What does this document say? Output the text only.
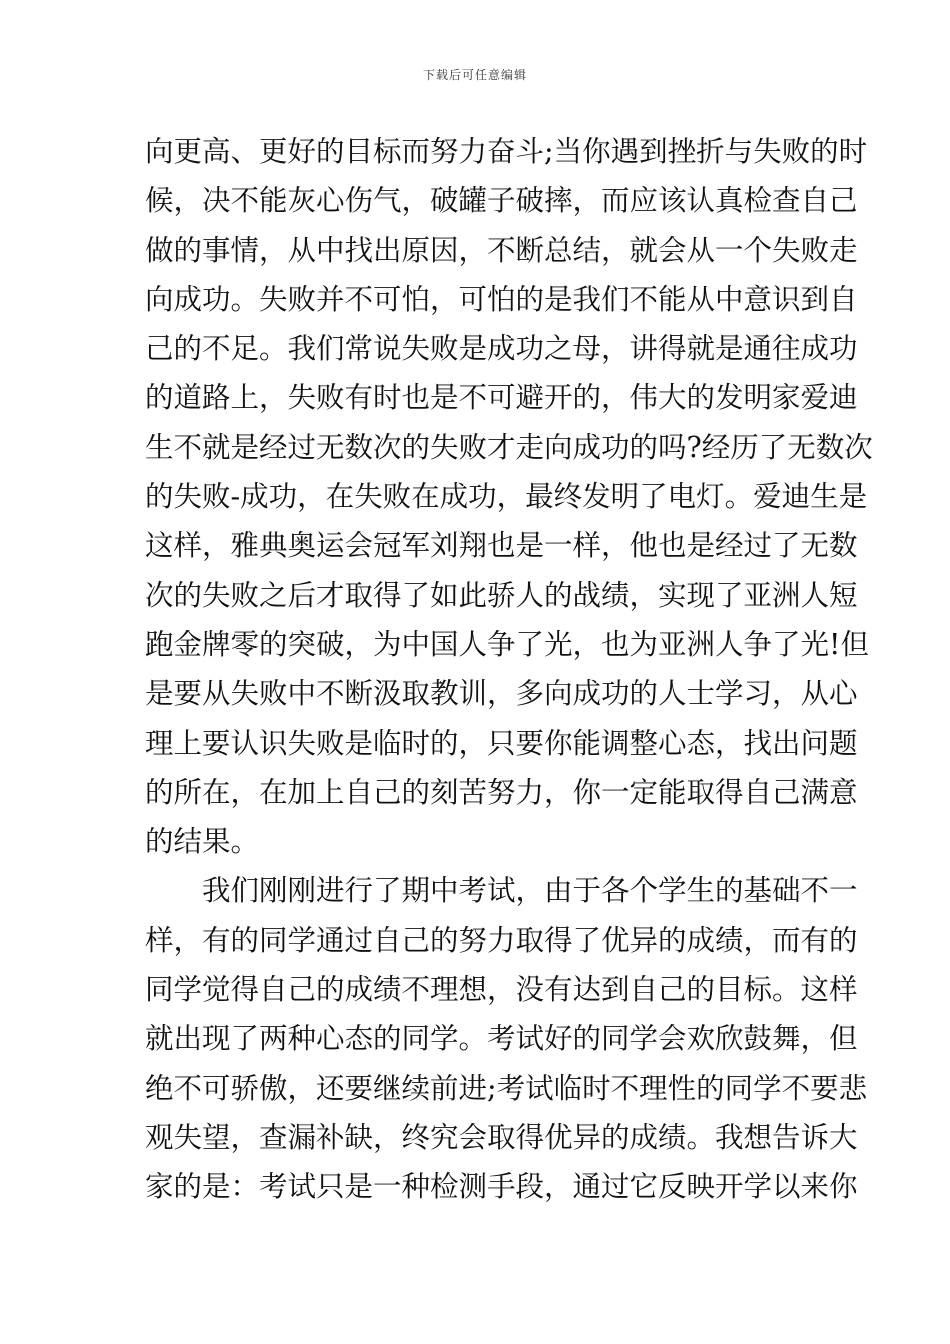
下载后可任意编辑
向更高、更好的目标而努力奋斗;当你遇到挫折与失败的时
候，决不能灰心伤气，破罐子破摔，而应该认真检查自己
做的事情，从中找出原因，不断总结，就会从一个失败走
向成功。失败并不可怕，可怕的是我们不能从中意识到自
己的不足。我们常说失败是成功之母，讲得就是通往成功
的道路上，失败有时也是不可避开的，伟大的发明家爱迪
生不就是经过无数次的失败才走向成功的吗?经历了无数次
的失败-成功，在失败在成功，最终发明了电灯。爱迪生是
这样，雅典奥运会冠军刘翔也是一样，他也是经过了无数
次的失败之后才取得了如此骄人的战绩，实现了亚洲人短
跑金牌零的突破，为中国人争了光，也为亚洲人争了光!但
是要从失败中不断汲取教训，多向成功的人士学习，从心
理上要认识失败是临时的，只要你能调整心态，找出问题
的所在，在加上自己的刻苦努力，你一定能取得自己满意
的结果。
　　我们刚刚进行了期中考试，由于各个学生的基础不一
样，有的同学通过自己的努力取得了优异的成绩，而有的
同学觉得自己的成绩不理想，没有达到自己的目标。这样
就出现了两种心态的同学。考试好的同学会欢欣鼓舞，但
绝不可骄傲，还要继续前进;考试临时不理性的同学不要悲
观失望，查漏补缺，终究会取得优异的成绩。我想告诉大
家的是：考试只是一种检测手段，通过它反映开学以来你
